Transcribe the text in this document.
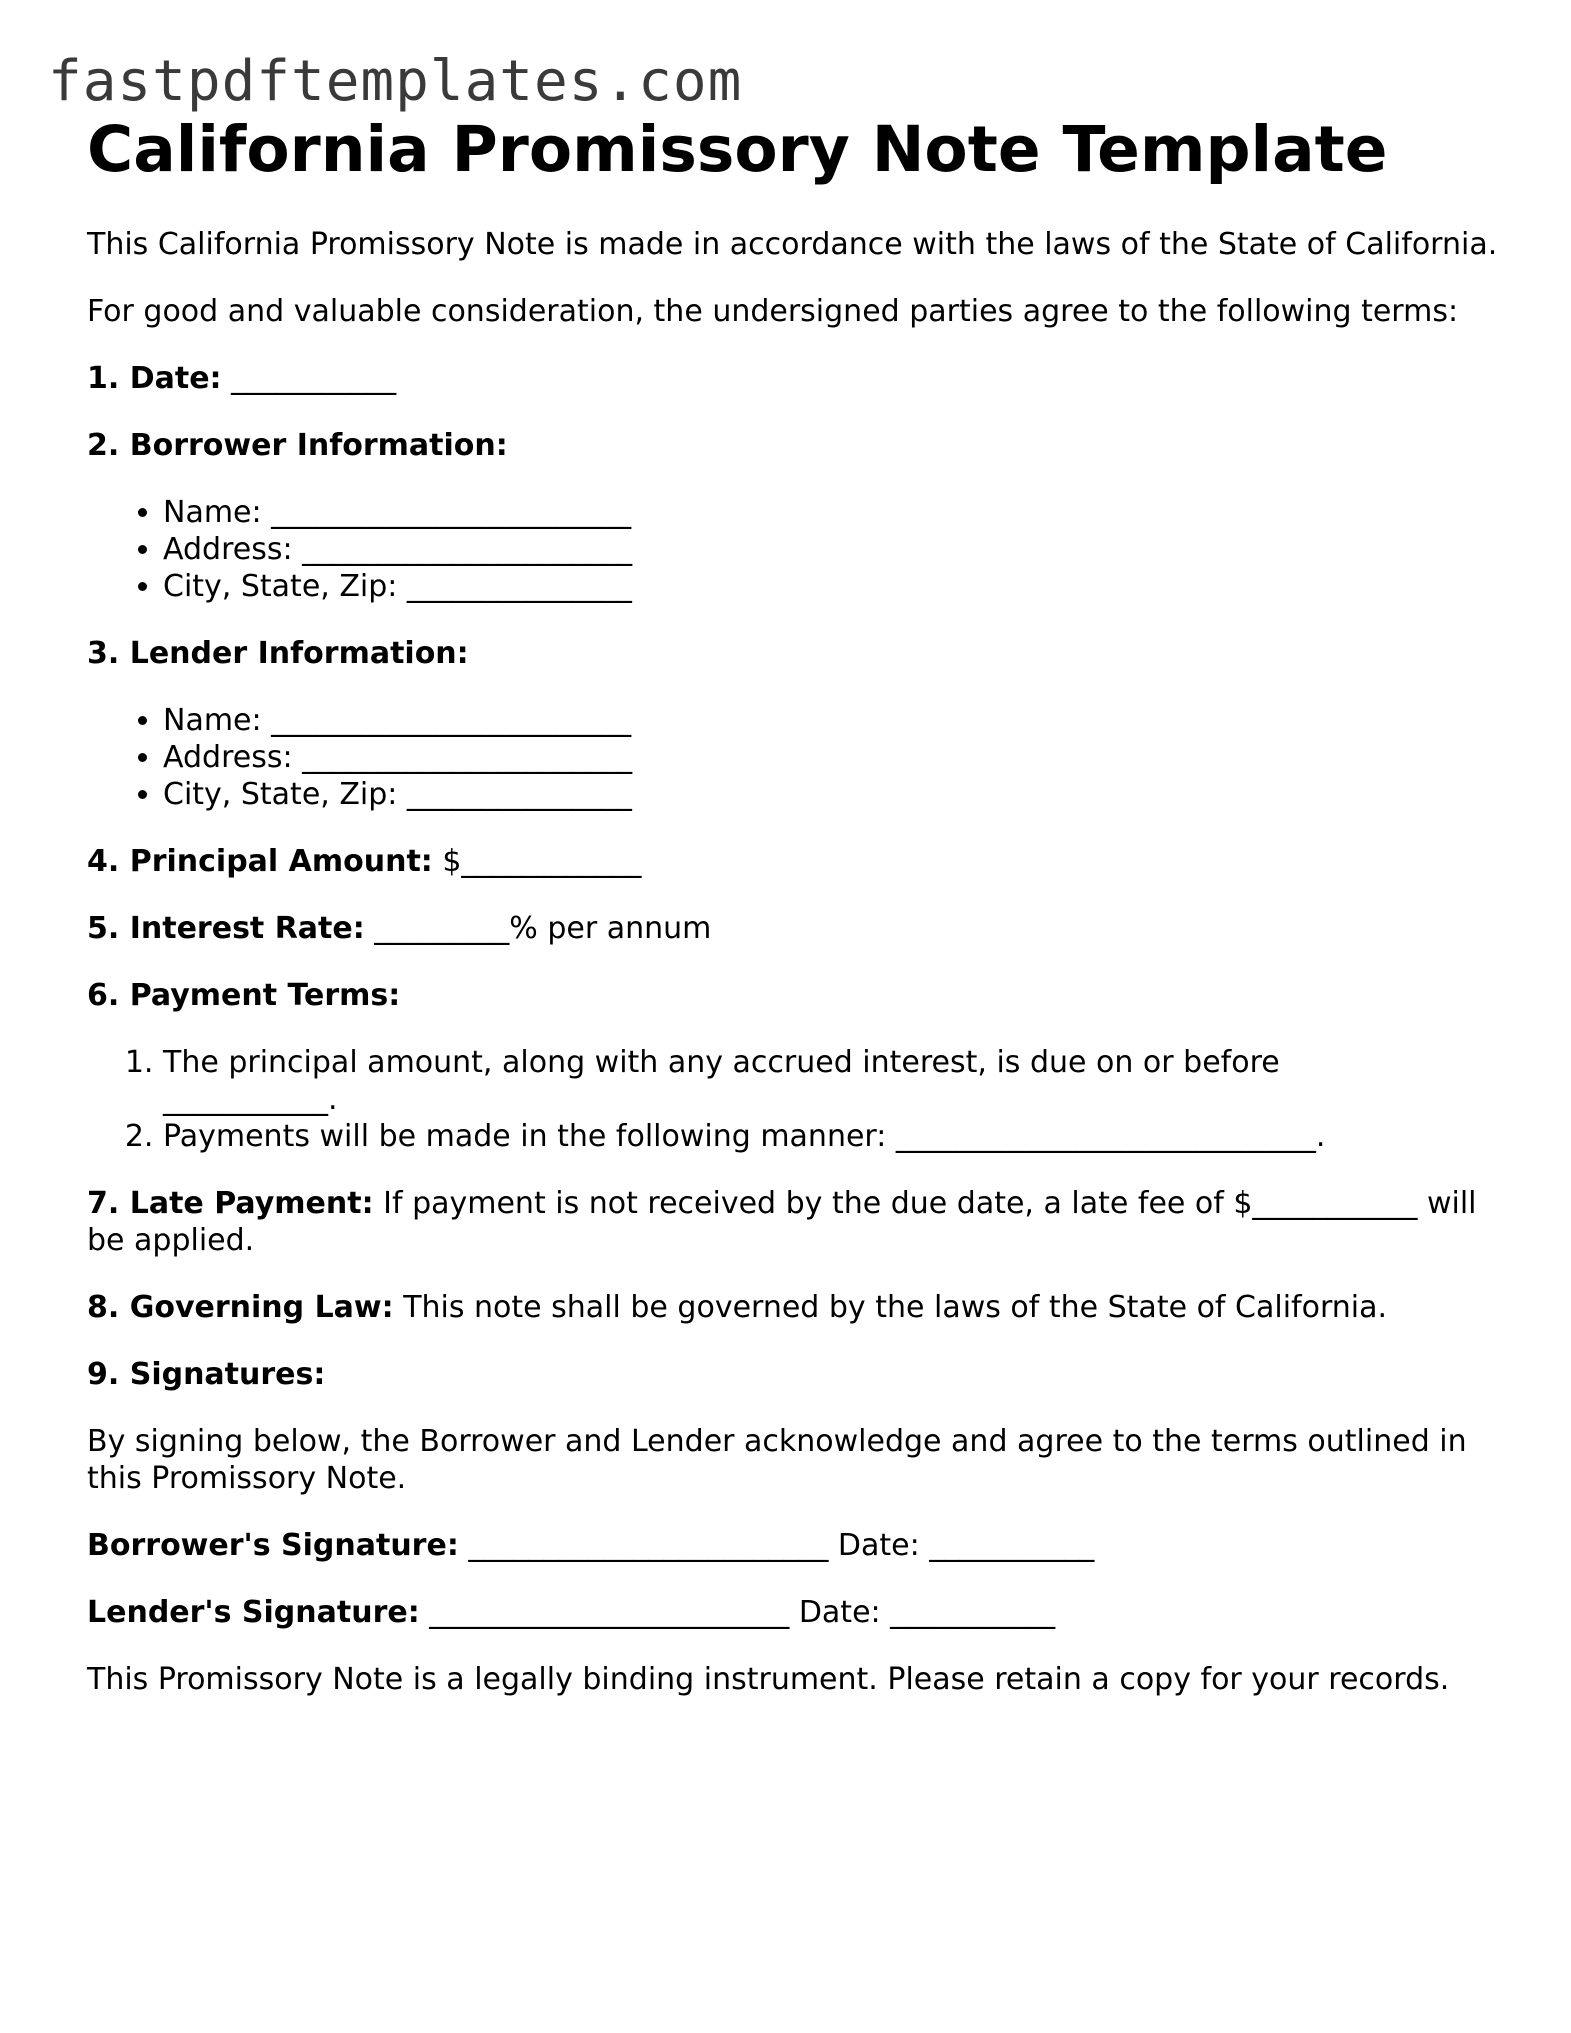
fastpdftemplates.com
California Promissory Note Template

This California Promissory Note is made in accordance with the laws of the State of California.

For good and valuable consideration, the undersigned parties agree to the following terms:

1. Date: ___________

2. Borrower Information:

• Name: ________________________
• Address: ______________________
• City, State, Zip: _______________

3. Lender Information:

• Name: ________________________
• Address: ______________________
• City, State, Zip: _______________

4. Principal Amount: $____________

5. Interest Rate: _________% per annum

6. Payment Terms:

1. The principal amount, along with any accrued interest, is due on or before ___________.
2. Payments will be made in the following manner: ____________________________.

7. Late Payment: If payment is not received by the due date, a late fee of $___________ will be applied.

8. Governing Law: This note shall be governed by the laws of the State of California.

9. Signatures:

By signing below, the Borrower and Lender acknowledge and agree to the terms outlined in this Promissory Note.

Borrower's Signature: ________________________ Date: ___________

Lender's Signature: ________________________ Date: ___________

This Promissory Note is a legally binding instrument. Please retain a copy for your records.
